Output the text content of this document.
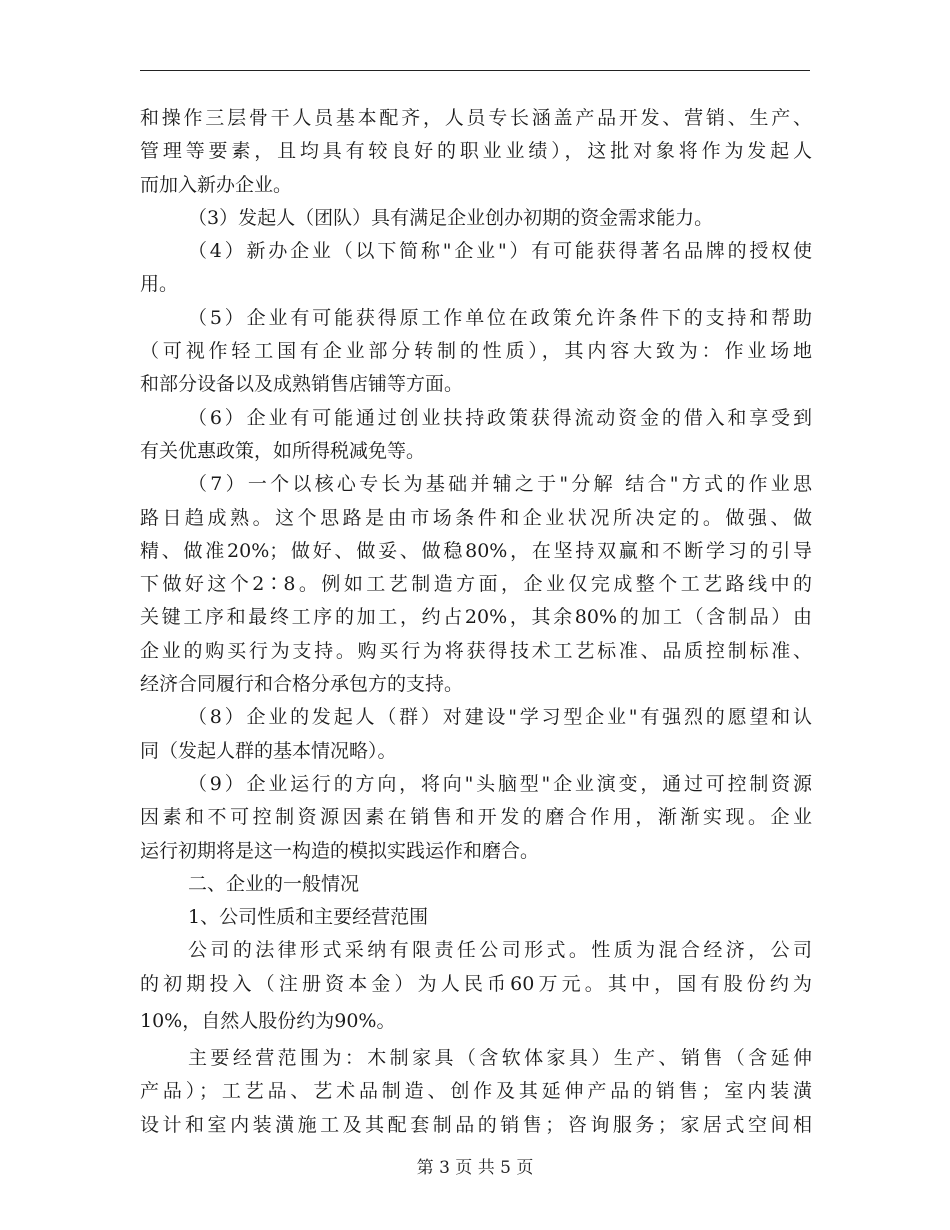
和操作三层骨干人员基本配齐，人员专长涵盖产品开发、营销、生产、
管理等要素，且均具有较良好的职业业绩），这批对象将作为发起人
而加入新办企业。
（3）发起人（团队）具有满足企业创办初期的资金需求能力。
（4）新办企业（以下简称"企业"）有可能获得著名品牌的授权使
用。
（5）企业有可能获得原工作单位在政策允许条件下的支持和帮助
（可视作轻工国有企业部分转制的性质），其内容大致为：作业场地
和部分设备以及成熟销售店铺等方面。
（6）企业有可能通过创业扶持政策获得流动资金的借入和享受到
有关优惠政策，如所得税减免等。
（7）一个以核心专长为基础并辅之于"分解 结合"方式的作业思
路日趋成熟。这个思路是由市场条件和企业状况所决定的。做强、做
精、做准20%；做好、做妥、做稳80%，在坚持双赢和不断学习的引导
下做好这个2∶8。例如工艺制造方面，企业仅完成整个工艺路线中的
关键工序和最终工序的加工，约占20%，其余80%的加工（含制品）由
企业的购买行为支持。购买行为将获得技术工艺标准、品质控制标准、
经济合同履行和合格分承包方的支持。
（8）企业的发起人（群）对建设"学习型企业"有强烈的愿望和认
同（发起人群的基本情况略）。
（9）企业运行的方向，将向"头脑型"企业演变，通过可控制资源
因素和不可控制资源因素在销售和开发的磨合作用，渐渐实现。企业
运行初期将是这一构造的模拟实践运作和磨合。
二、企业的一般情况
1、公司性质和主要经营范围
公司的法律形式采纳有限责任公司形式。性质为混合经济，公司
的初期投入（注册资本金）为人民币60万元。其中，国有股份约为
10%，自然人股份约为90%。
主要经营范围为：木制家具（含软体家具）生产、销售（含延伸
产品）；工艺品、艺术品制造、创作及其延伸产品的销售；室内装潢
设计和室内装潢施工及其配套制品的销售；咨询服务；家居式空间相
第 3 页 共 5 页
